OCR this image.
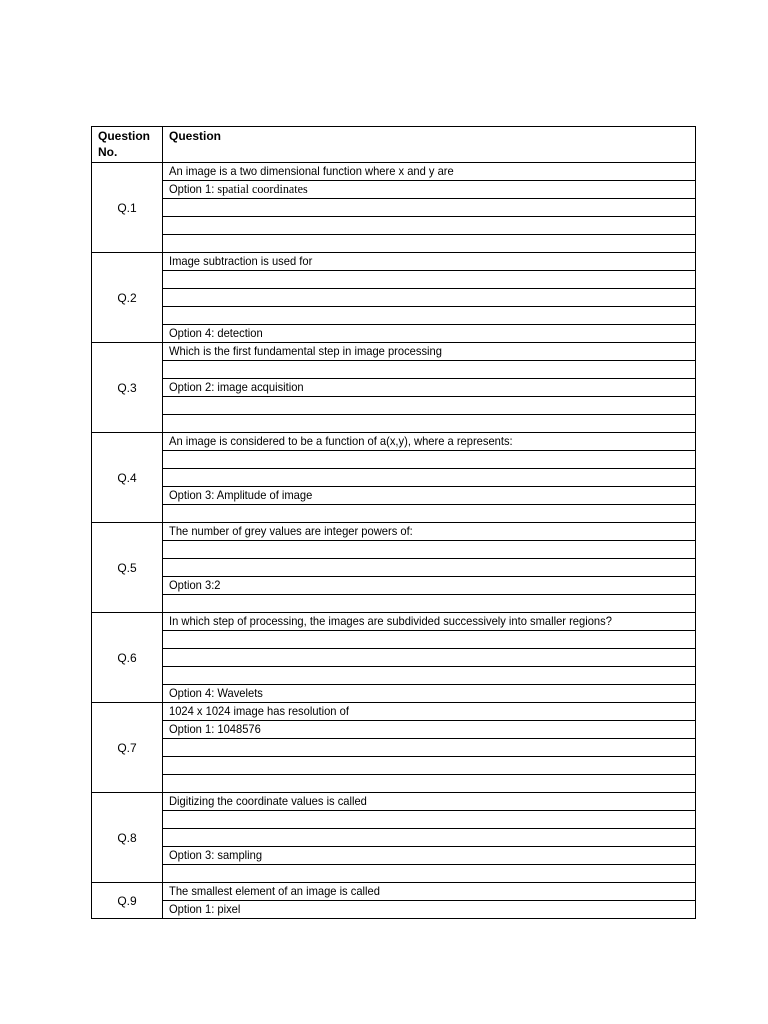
Question No.	Question
Q.1	An image is a two dimensional function where x and y are
	Option 1: spatial coordinates

Q.2	Image subtraction is used for

	Option 4: detection
Q.3	Which is the first fundamental step in image processing

	Option 2: image acquisition

Q.4	An image is considered to be a function of a(x,y), where a represents:

	Option 3: Amplitude of image

Q.5	The number of grey values are integer powers of:

	Option 3:2

Q.6	In which step of processing, the images are subdivided successively into smaller regions?

	Option 4: Wavelets
Q.7	1024 x 1024 image has resolution of
	Option 1: 1048576

Q.8	Digitizing the coordinate values is called

	Option 3: sampling

Q.9	The smallest element of an image is called
	Option 1: pixel
